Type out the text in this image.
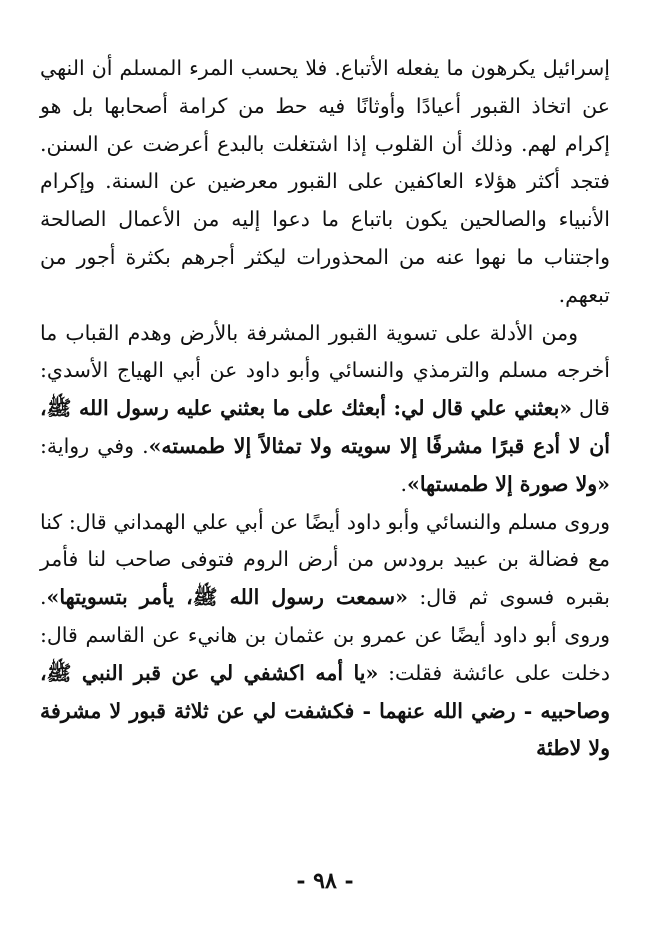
إسرائيل يكرهون ما يفعله الأتباع. فلا يحسب المرء المسلم أن النهي عن اتخاذ القبور أعيادًا وأوثانًا فيه حط من كرامة أصحابها بل هو إكرام لهم. وذلك أن القلوب إذا اشتغلت بالبدع أعرضت عن السنن. فتجد أكثر هؤلاء العاكفين على القبور معرضين عن السنة. وإكرام الأنبياء والصالحين يكون باتباع ما دعوا إليه من الأعمال الصالحة واجتناب ما نهوا عنه من المحذورات ليكثر أجرهم بكثرة أجور من تبعهم.

ومن الأدلة على تسوية القبور المشرفة بالأرض وهدم القباب ما أخرجه مسلم والترمذي والنسائي وأبو داود عن أبي الهياج الأسدي: قال «بعثني علي قال لي: أبعثك على ما بعثني عليه رسول الله ﷺ، أن لا أدع قبرًا مشرفًا إلا سويته ولا تمثالاً إلا طمسته». وفي رواية: «ولا صورة إلا طمستها».

وروى مسلم والنسائي وأبو داود أيضًا عن أبي علي الهمداني قال: كنا مع فضالة بن عبيد برودس من أرض الروم فتوفى صاحب لنا فأمر بقبره فسوى ثم قال: «سمعت رسول الله ﷺ، يأمر بتسويتها». وروى أبو داود أيضًا عن عمرو بن عثمان بن هانيء عن القاسم قال: دخلت على عائشة فقلت: «يا أمه اكشفي لي عن قبر النبي ﷺ، وصاحبيه - رضي الله عنهما - فكشفت لي عن ثلاثة قبور لا مشرفة ولا لاطئة

- ٩٨ -
